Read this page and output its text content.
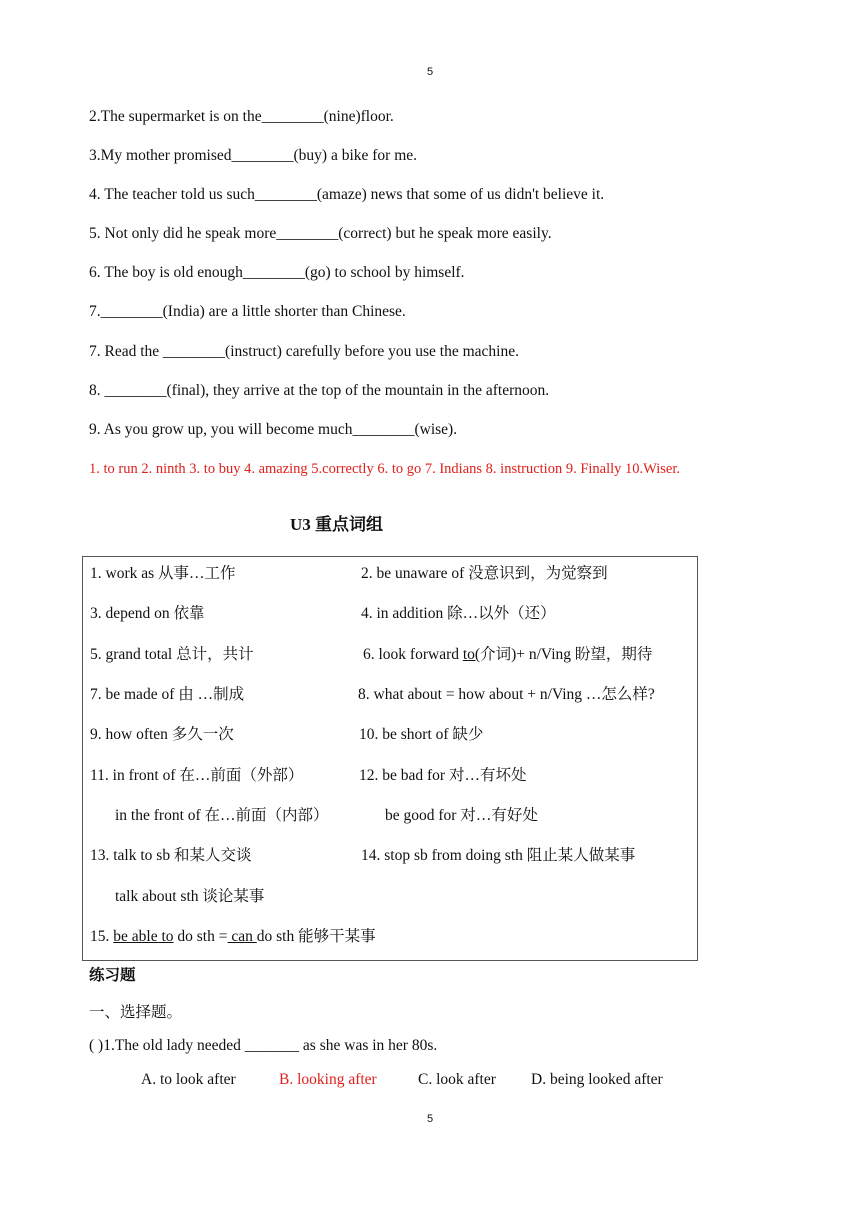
5
2.The supermarket is on the________(nine)floor.
3.My mother promised________(buy) a bike for me.
4. The teacher told us such________(amaze) news that some of us didn't believe it.
5. Not only did he speak more________(correct) but he speak more easily.
6. The boy is old enough________(go) to school by himself.
7.________(India) are a little shorter than Chinese.
7. Read the ________(instruct) carefully before you use the machine.
8. ________(final), they arrive at the top of the mountain in the afternoon.
9. As you grow up, you will become much________(wise).
1. to run 2. ninth 3. to buy 4. amazing 5.correctly 6. to go 7. Indians 8. instruction 9. Finally 10.Wiser.
U3 重点词组
1. work as 从事…工作	2. be unaware of 没意识到，为觉察到
3. depend on 依靠	4. in addition 除…以外（还）
5. grand total 总计，共计	6. look forward to(介词)+ n/Ving 盼望，期待
7. be made of 由 …制成	8. what about = how about + n/Ving …怎么样?
9. how often 多久一次	10. be short of 缺少
11. in front of 在…前面（外部）	12. be bad for 对…有坏处
in the front of 在…前面（内部）	be good for 对…有好处
13. talk to sb 和某人交谈	14. stop sb from doing sth 阻止某人做某事
talk about sth 谈论某事
15. be able to do sth = can do sth 能够干某事
练习题
一、选择题。
( )1.The old lady needed _______ as she was in her 80s.
A. to look after	B. looking after	C. look after D. being looked after
5
